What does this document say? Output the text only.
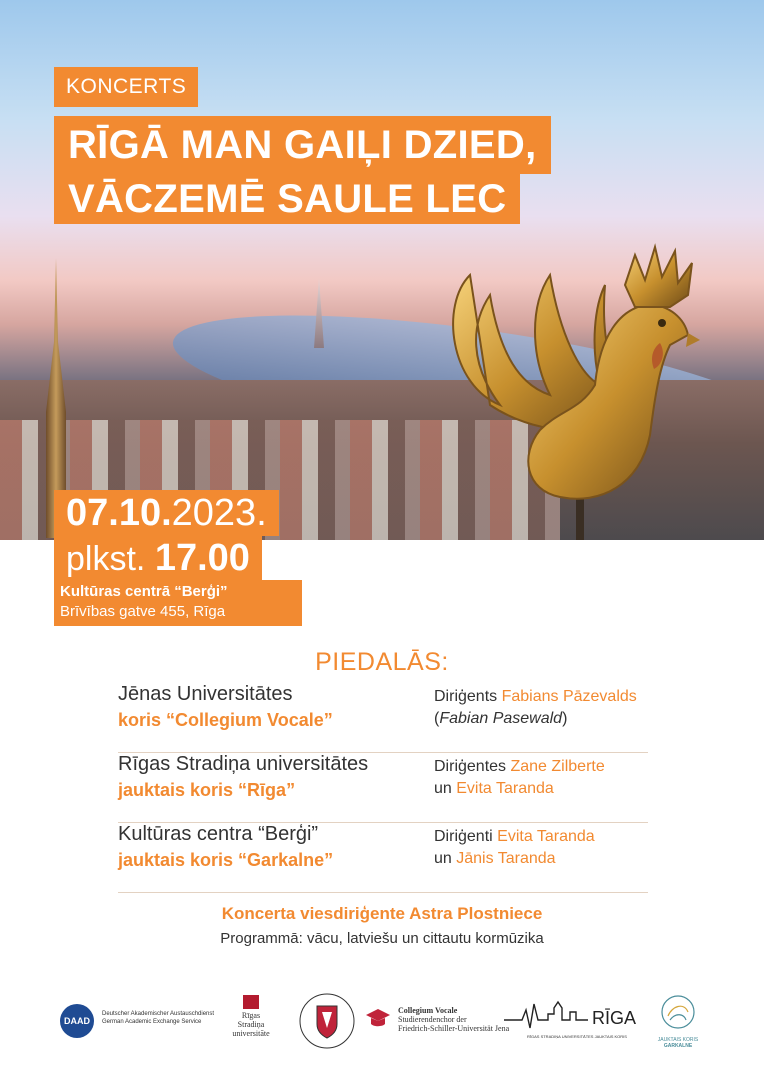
KONCERTS
RĪGĀ MAN GAIĻI DZIED,
VĀCZEMĒ SAULE LEC
07.10.2023.
plkst. 17.00
Kultūras centrā “Berģi”
Brīvības gatve 455, Rīga
PIEDALĀS:
Jēnas Universitātes
koris “Collegium Vocale”
Diriģents Fabians Pāzevalds
(Fabian Pasewald)
Rīgas Stradiņa universitātes
jauktais koris “Rīga”
Diriģentes Zane Zilberte
un Evita Taranda
Kultūras centra “Berģi”
jauktais koris “Garkalne”
Diriģenti Evita Taranda
un Jānis Taranda
Koncerta viesdiriģente Astra Plostniece
Programmā: vācu, latviešu un cittautu kormūzika
DAAD
Deutscher Akademischer Austauschdienst
German Academic Exchange Service
Rīgas
Stradiņa
universitāte
Collegium Vocale
Studierendenchor der
Friedrich-Schiller-Universität Jena
RĪGA
RĪGAS STRADIŅA UNIVERSITĀTES JAUKTAIS KORIS
JAUKTAIS KORIS
GARKALNE
